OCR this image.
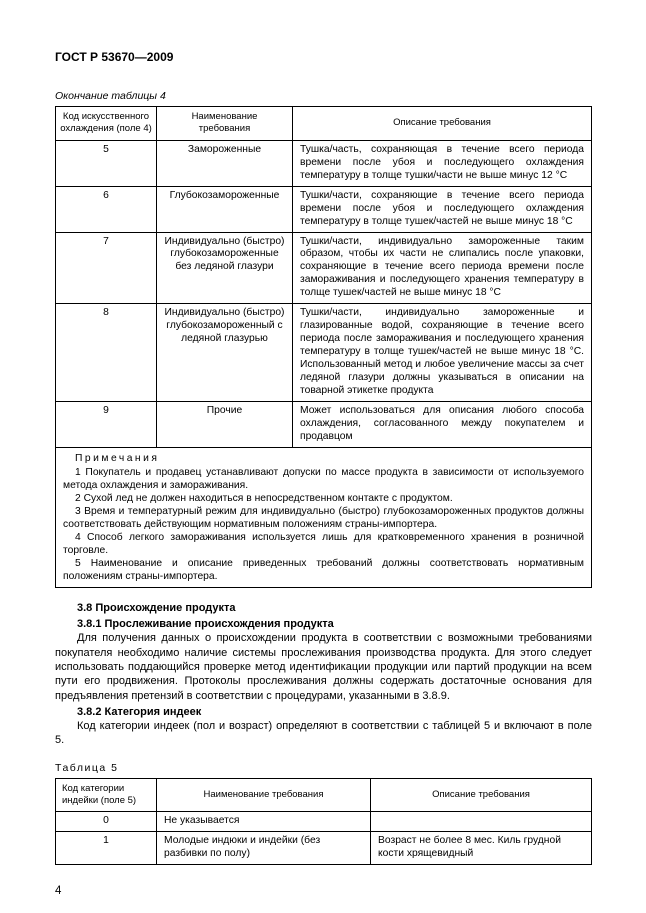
ГОСТ Р 53670—2009
Окончание таблицы 4
Код искусственного охлаждения (поле 4)	Наименование требования	Описание требования
5	Замороженные	Тушка/часть, сохраняющая в течение всего периода времени после убоя и последующего охлаждения температуру в толще тушки/части не выше минус 12 °С
6	Глубокозамороженные	Тушки/части, сохраняющие в течение всего периода времени после убоя и последующего охлаждения температуру в толще тушек/частей не выше минус 18 °С
7	Индивидуально (быстро) глубокозамороженные без ледяной глазури	Тушки/части, индивидуально замороженные таким образом, чтобы их части не слипались после упаковки, сохраняющие в течение всего периода времени после замораживания и последующего хранения температуру в толще тушек/частей не выше минус 18 °С
8	Индивидуально (быстро) глубокозамороженный с ледяной глазурью	Тушки/части, индивидуально замороженные и глазированные водой, сохраняющие в течение всего периода после замораживания и последующего хранения температуру в толще тушек/частей не выше минус 18 °С. Использованный метод и любое увеличение массы за счет ледяной глазури должны указываться в описании на товарной этикетке продукта
9	Прочие	Может использоваться для описания любого способа охлаждения, согласованного между покупателем и продавцом

Примечания

1 Покупатель и продавец устанавливают допуски по массе продукта в зависимости от используемого метода охлаждения и замораживания.

2 Сухой лед не должен находиться в непосредственном контакте с продуктом.

3 Время и температурный режим для индивидуально (быстро) глубокозамороженных продуктов должны соответствовать действующим нормативным положениям страны-импортера.

4 Способ легкого замораживания используется лишь для кратковременного хранения в розничной торговле.

5 Наименование и описание приведенных требований должны соответствовать нормативным положениям страны-импортера.

3.8 Происхождение продукта

3.8.1 Прослеживание происхождения продукта

Для получения данных о происхождении продукта в соответствии с возможными требованиями покупателя необходимо наличие системы прослеживания производства продукта. Для этого следует использовать поддающийся проверке метод идентификации продукции или партий продукции на всем пути его продвижения. Протоколы прослеживания должны содержать достаточные основания для предъявления претензий в соответствии с процедурами, указанными в 3.8.9.

3.8.2 Категория индеек

Код категории индеек (пол и возраст) определяют в соответствии с таблицей 5 и включают в поле 5.

Таблица 5
Код категории индейки (поле 5)	Наименование требования	Описание требования
0	Не указывается	
1	Молодые индюки и индейки (без разбивки по полу)	Возраст не более 8 мес. Киль грудной кости хрящевидный
4
